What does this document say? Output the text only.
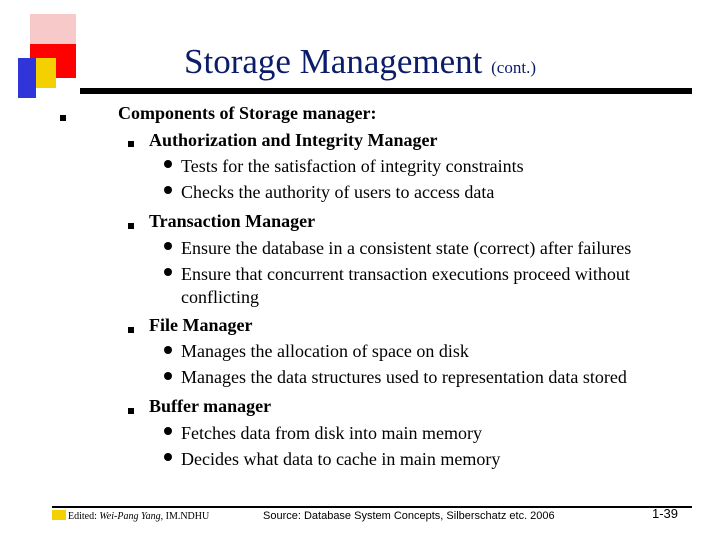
Storage Management (cont.)
Components of Storage manager:
Authorization and Integrity Manager
Tests for the satisfaction of integrity constraints
Checks the authority of users to access data
Transaction Manager
Ensure the database in a consistent state (correct) after failures
Ensure that concurrent transaction executions proceed without
conflicting
File Manager
Manages the allocation of space on disk
Manages the data structures used to representation data stored
Buffer manager
Fetches data from disk into main memory
Decides what data to cache in main memory
Edited: Wei-Pang Yang, IM.NDHU	Source: Database System Concepts, Silberschatz etc. 2006	1-39
